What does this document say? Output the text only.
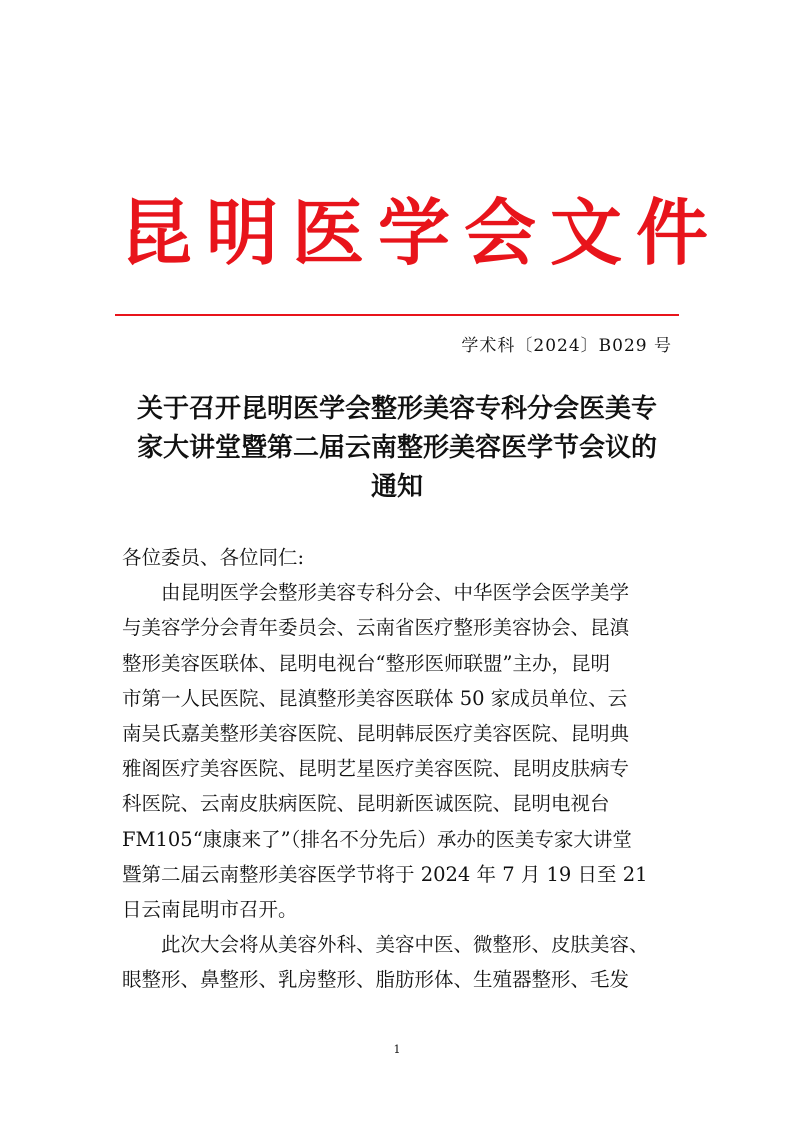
昆明医学会文件
学术科〔2024〕B029 号
关于召开昆明医学会整形美容专科分会医美专
家大讲堂暨第二届云南整形美容医学节会议的
通知
各位委员、各位同仁:
由昆明医学会整形美容专科分会、中华医学会医学美学
与美容学分会青年委员会、云南省医疗整形美容协会、昆滇
整形美容医联体、昆明电视台“整形医师联盟”主办，昆明
市第一人民医院、昆滇整形美容医联体 50 家成员单位、云
南吴氏嘉美整形美容医院、昆明韩辰医疗美容医院、昆明典
雅阁医疗美容医院、昆明艺星医疗美容医院、昆明皮肤病专
科医院、云南皮肤病医院、昆明新医诚医院、昆明电视台
FM105“康康来了”（排名不分先后）承办的医美专家大讲堂
暨第二届云南整形美容医学节将于 2024 年 7 月 19 日至 21
日云南昆明市召开。
此次大会将从美容外科、美容中医、微整形、皮肤美容、
眼整形、鼻整形、乳房整形、脂肪形体、生殖器整形、毛发
1
